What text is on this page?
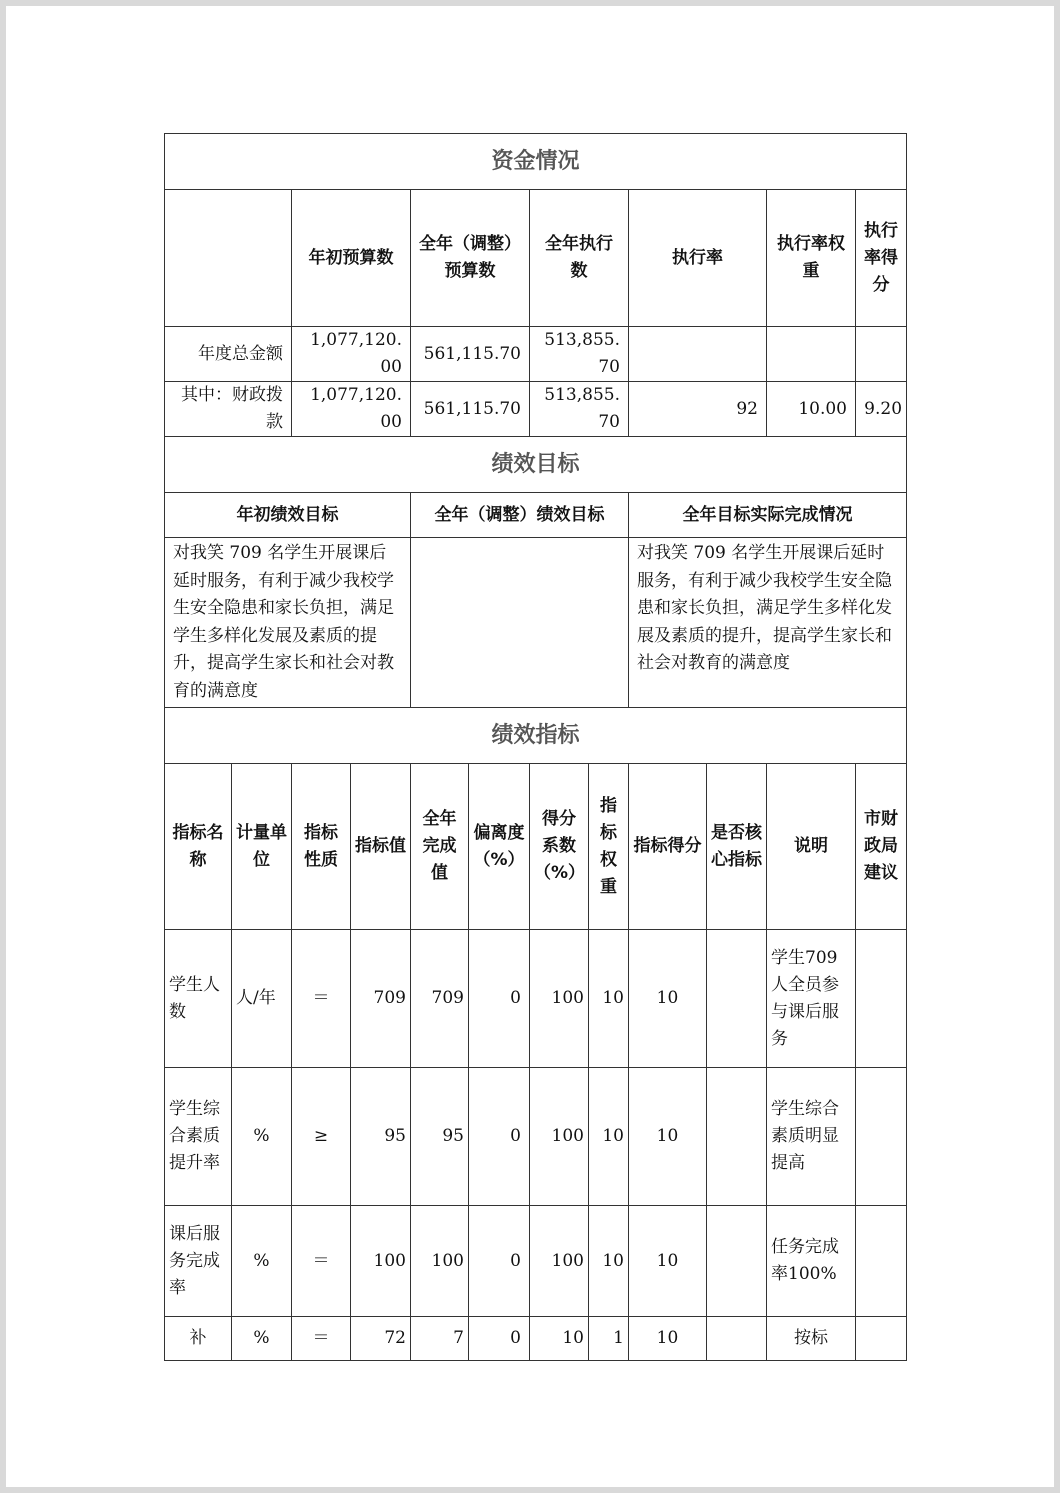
资金情况											
		年初预算数		全年（调整）预算数		全年执行数		执行率		执行率权重	执行率得分
年度总金额		1,077,120.00		561,115.70		513,855.70					
其中：财政拨款		1,077,120.00		561,115.70		513,855.70		92		10.00	9.20
绩效目标											
年初绩效目标				全年（调整）绩效目标				全年目标实际完成情况			
对我笑 709 名学生开展课后延时服务，有利于减少我校学生安全隐患和家长负担，满足学生多样化发展及素质的提升，提高学生家长和社会对教育的满意度								对我笑 709 名学生开展课后延时服务，有利于减少我校学生安全隐患和家长负担，满足学生多样化发展及素质的提升，提高学生家长和社会对教育的满意度			
绩效指标											
指标名称	计量单位	指标性质	指标值	全年完成值	偏离度（%）	得分系数（%）	指标权重	指标得分	是否核心指标	说明	市财政局建议
学生人数	人/年	＝	709	709	0	100	10	10		学生709人全员参与课后服务	
学生综合素质提升率	%	≥	95	95	0	100	10	10		学生综合素质明显提高	
课后服务完成率	%	＝	100	100	0	100	10	10		任务完成率100%	
补	%	＝	72	7	0	10	1	10		按标	
